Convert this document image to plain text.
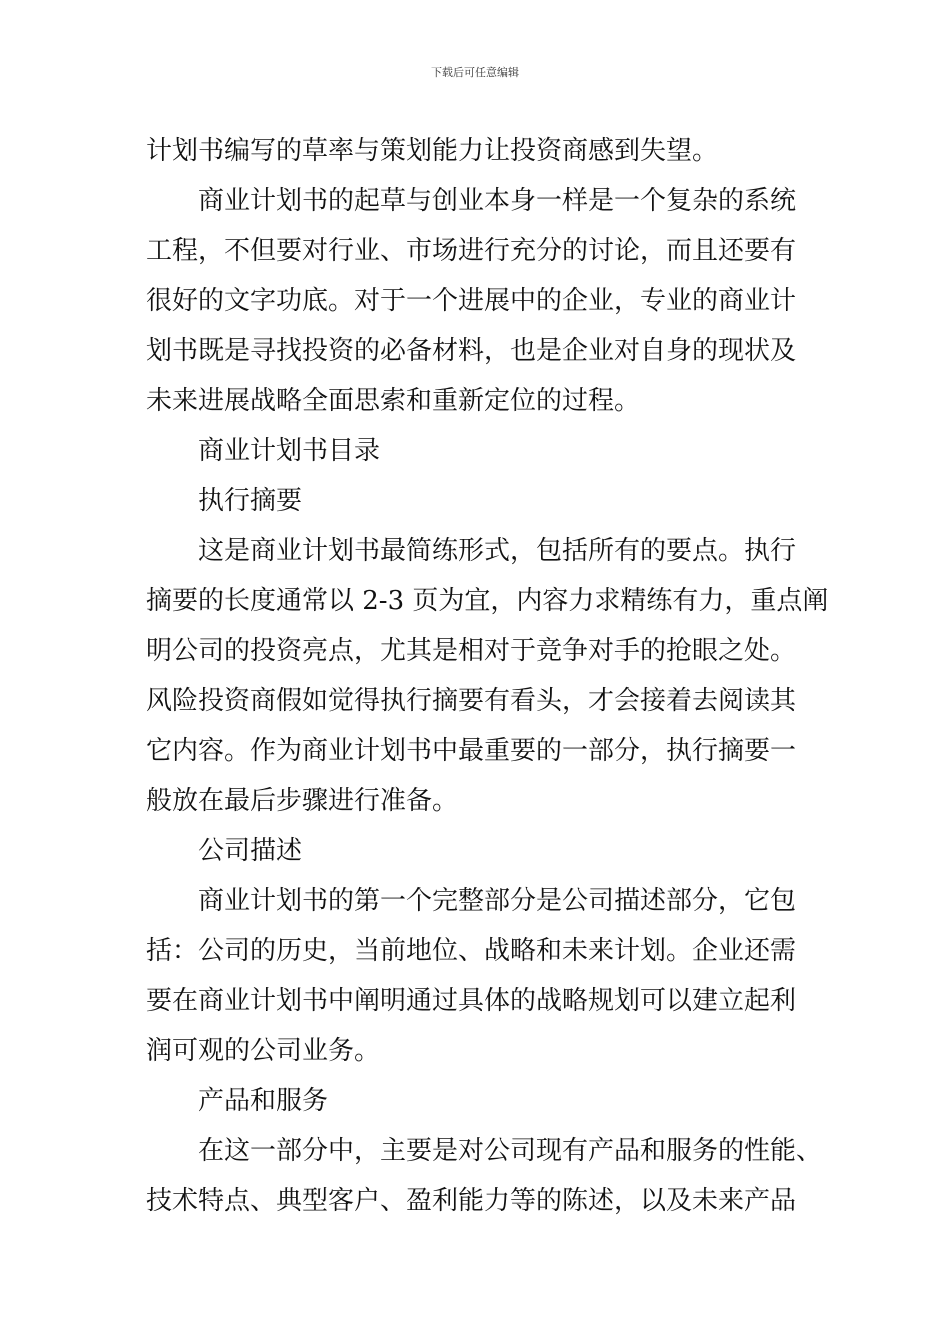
下载后可任意编辑
计划书编写的草率与策划能力让投资商感到失望。
商业计划书的起草与创业本身一样是一个复杂的系统
工程，不但要对行业、市场进行充分的讨论，而且还要有
很好的文字功底。对于一个进展中的企业，专业的商业计
划书既是寻找投资的必备材料，也是企业对自身的现状及
未来进展战略全面思索和重新定位的过程。
商业计划书目录
执行摘要
这是商业计划书最简练形式，包括所有的要点。执行
摘要的长度通常以 2-3 页为宜，内容力求精练有力，重点阐
明公司的投资亮点，尤其是相对于竞争对手的抢眼之处。
风险投资商假如觉得执行摘要有看头，才会接着去阅读其
它内容。作为商业计划书中最重要的一部分，执行摘要一
般放在最后步骤进行准备。
公司描述
商业计划书的第一个完整部分是公司描述部分，它包
括：公司的历史，当前地位、战略和未来计划。企业还需
要在商业计划书中阐明通过具体的战略规划可以建立起利
润可观的公司业务。
产品和服务
在这一部分中，主要是对公司现有产品和服务的性能、
技术特点、典型客户、盈利能力等的陈述，以及未来产品
